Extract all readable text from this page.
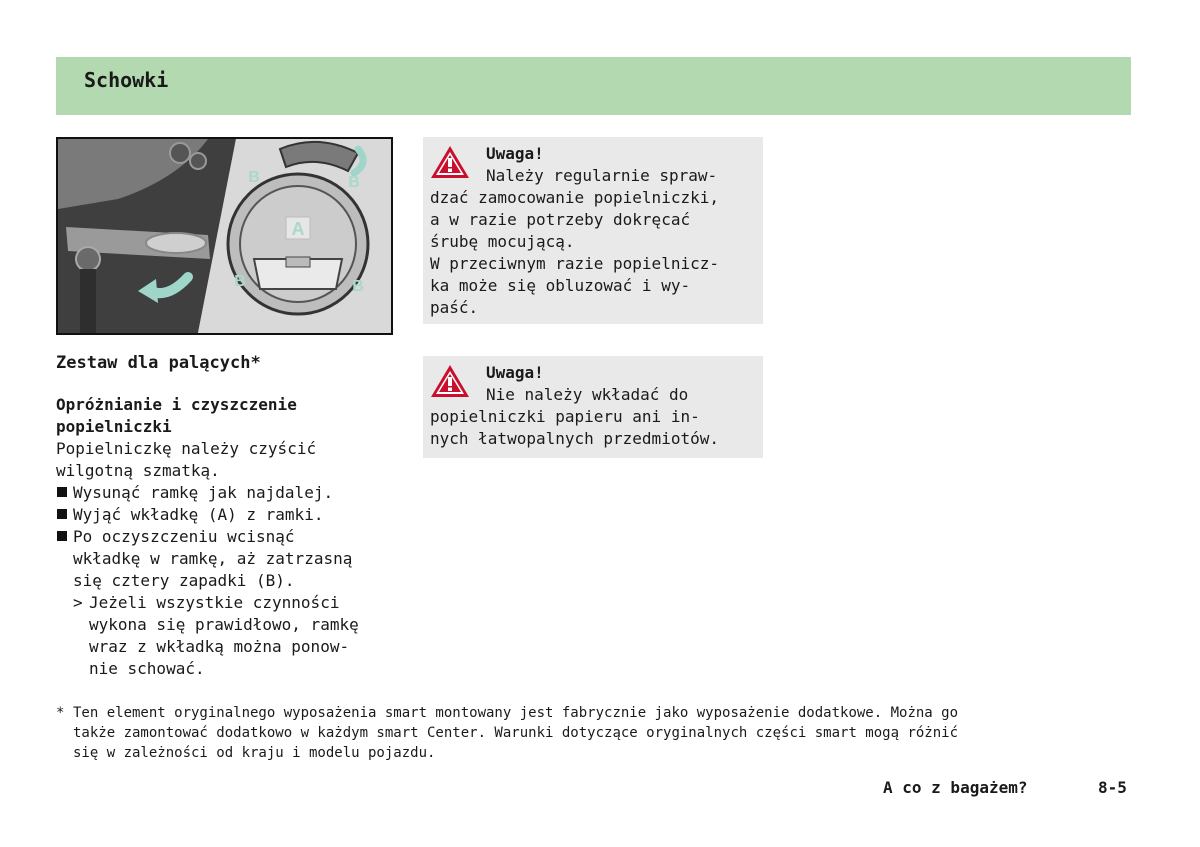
Schowki
A
B	B
B	B
Zestaw dla palących*
Opróżnianie i czyszczenie
popielniczki
Popielniczkę należy czyścić
wilgotną szmatką.
Wysunąć ramkę jak najdalej.
Wyjąć wkładkę (A) z ramki.
Po oczyszczeniu wcisnąć
wkładkę w ramkę, aż zatrzasną
się cztery zapadki (B).
> Jeżeli wszystkie czynności
wykona się prawidłowo, ramkę
wraz z wkładką można ponow-
nie schować.
Uwaga!
Należy regularnie spraw-
dzać zamocowanie popielniczki,
a w razie potrzeby dokręcać
śrubę mocującą.
W przeciwnym razie popielnicz-
ka może się obluzować i wy-
paść.
Uwaga!
Nie należy wkładać do
popielniczki papieru ani in-
nych łatwopalnych przedmiotów.
* Ten element oryginalnego wyposażenia smart montowany jest fabrycznie jako wyposażenie dodatkowe. Można go
także zamontować dodatkowo w każdym smart Center. Warunki dotyczące oryginalnych części smart mogą różnić
się w zależności od kraju i modelu pojazdu.
A co z bagażem?	8-5
